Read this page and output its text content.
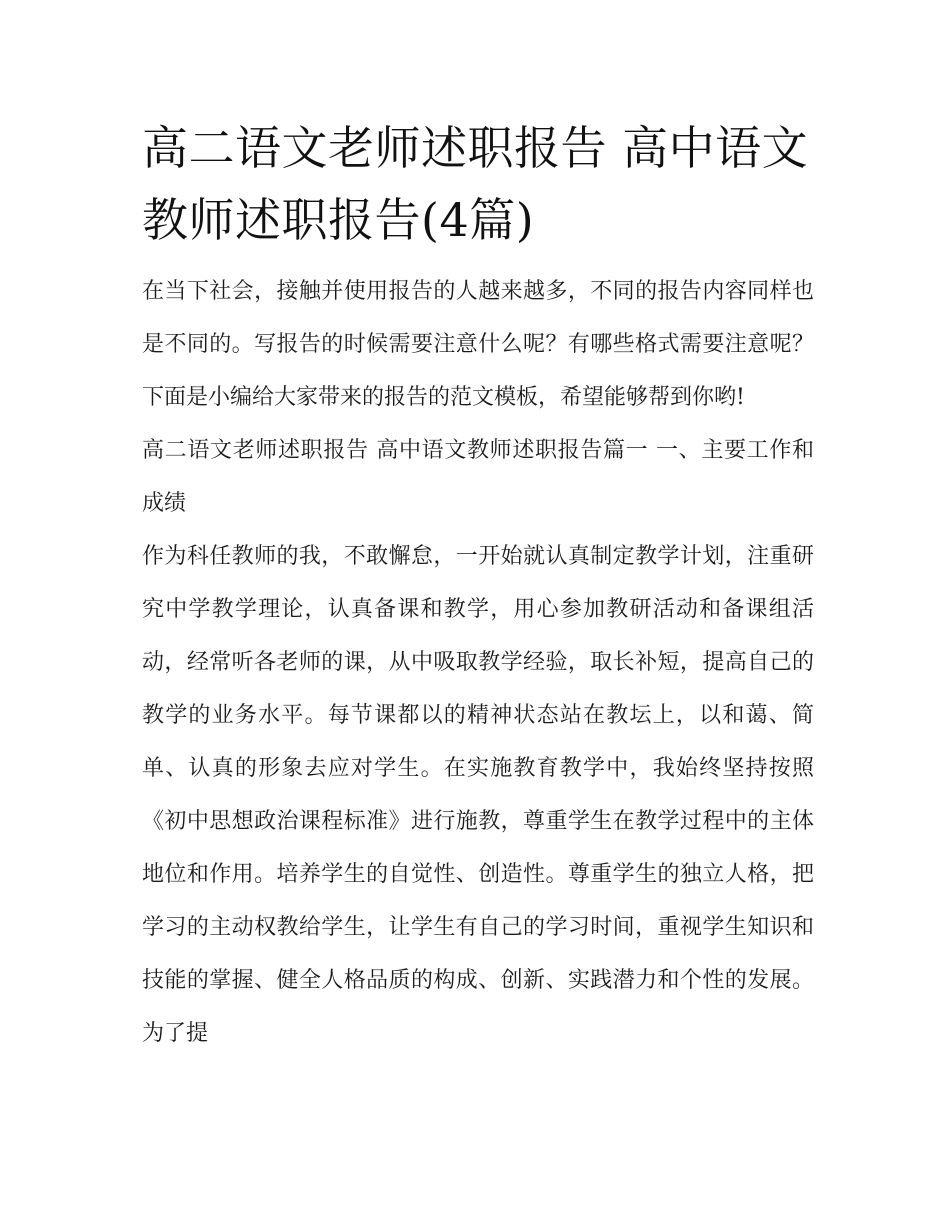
高二语文老师述职报告 高中语文教师述职报告(4篇)

在当下社会，接触并使用报告的人越来越多，不同的报告内容同样也是不同的。写报告的时候需要注意什么呢？有哪些格式需要注意呢？下面是小编给大家带来的报告的范文模板，希望能够帮到你哟!

高二语文老师述职报告 高中语文教师述职报告篇一 一、主要工作和成绩

作为科任教师的我，不敢懈怠，一开始就认真制定教学计划，注重研究中学教学理论，认真备课和教学，用心参加教研活动和备课组活动，经常听各老师的课，从中吸取教学经验，取长补短，提高自己的教学的业务水平。每节课都以的精神状态站在教坛上，以和蔼、简单、认真的形象去应对学生。在实施教育教学中，我始终坚持按照《初中思想政治课程标准》进行施教，尊重学生在教学过程中的主体地位和作用。培养学生的自觉性、创造性。尊重学生的独立人格，把学习的主动权教给学生，让学生有自己的学习时间，重视学生知识和技能的掌握、健全人格品质的构成、创新、实践潜力和个性的发展。为了提
